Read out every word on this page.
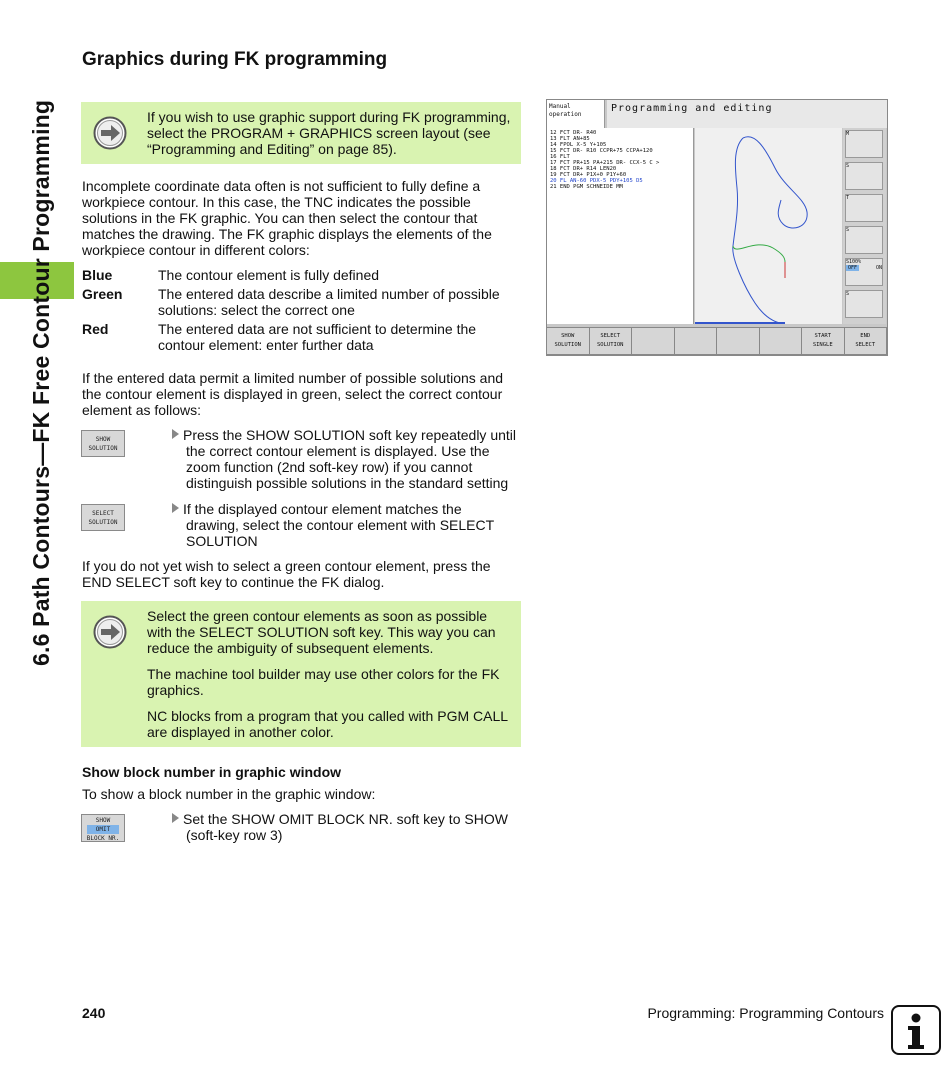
6.6 Path Contours—FK Free Contour Programming
Graphics during FK programming

If you wish to use graphic support during FK programming, select the PROGRAM + GRAPHICS screen layout (see “Programming and Editing” on page 85).

Incomplete coordinate data often is not sufficient to fully define a workpiece contour. In this case, the TNC indicates the possible solutions in the FK graphic. You can then select the contour that matches the drawing. The FK graphic displays the elements of the workpiece contour in different colors:

Blue	The contour element is fully defined
Green	The entered data describe a limited number of possible solutions: select the correct one
Red	The entered data are not sufficient to determine the contour element: enter further data

If the entered data permit a limited number of possible solutions and the contour element is displayed in green, select the correct contour element as follows:

SHOW
SOLUTION
Press the SHOW SOLUTION soft key repeatedly until
the correct contour element is displayed. Use the zoom function (2nd soft-key row) if you cannot distinguish possible solutions in the standard setting
SELECT
SOLUTION
If the displayed contour element matches the
drawing, select the contour element with SELECT SOLUTION

If you do not yet wish to select a green contour element, press the END SELECT soft key to continue the FK dialog.

Select the green contour elements as soon as possible with the SELECT SOLUTION soft key. This way you can reduce the ambiguity of subsequent elements.

The machine tool builder may use other colors for the FK graphics.

NC blocks from a program that you called with PGM CALL are displayed in another color.

Show block number in graphic window

To show a block number in the graphic window:

SHOW
OMIT
BLOCK NR.
Set the SHOW OMIT BLOCK NR. soft key to SHOW
(soft-key row 3)
Manual
operation
Programming and editing
12 FCT DR- R40
13 FLT AN+85
14 FPOL X-5 Y+105
15 FCT DR- R10 CCPR+75 CCPA+120
16 FLT
17 FCT PR+15 PA+215 DR- CCX-5 C >
18 FCT DR+ R14 LEN20
19 FCT DR+ P1X+0 P1Y+60
20 FL AN-60 PDX-5 PDY+105 D5
21 END PGM SCHNEIDE MM
M
S
T
S
S100%
OFF	ON
S
SHOW
SOLUTION
SELECT
SOLUTION
START
SINGLE
END
SELECT
240	Programming: Programming Contours
